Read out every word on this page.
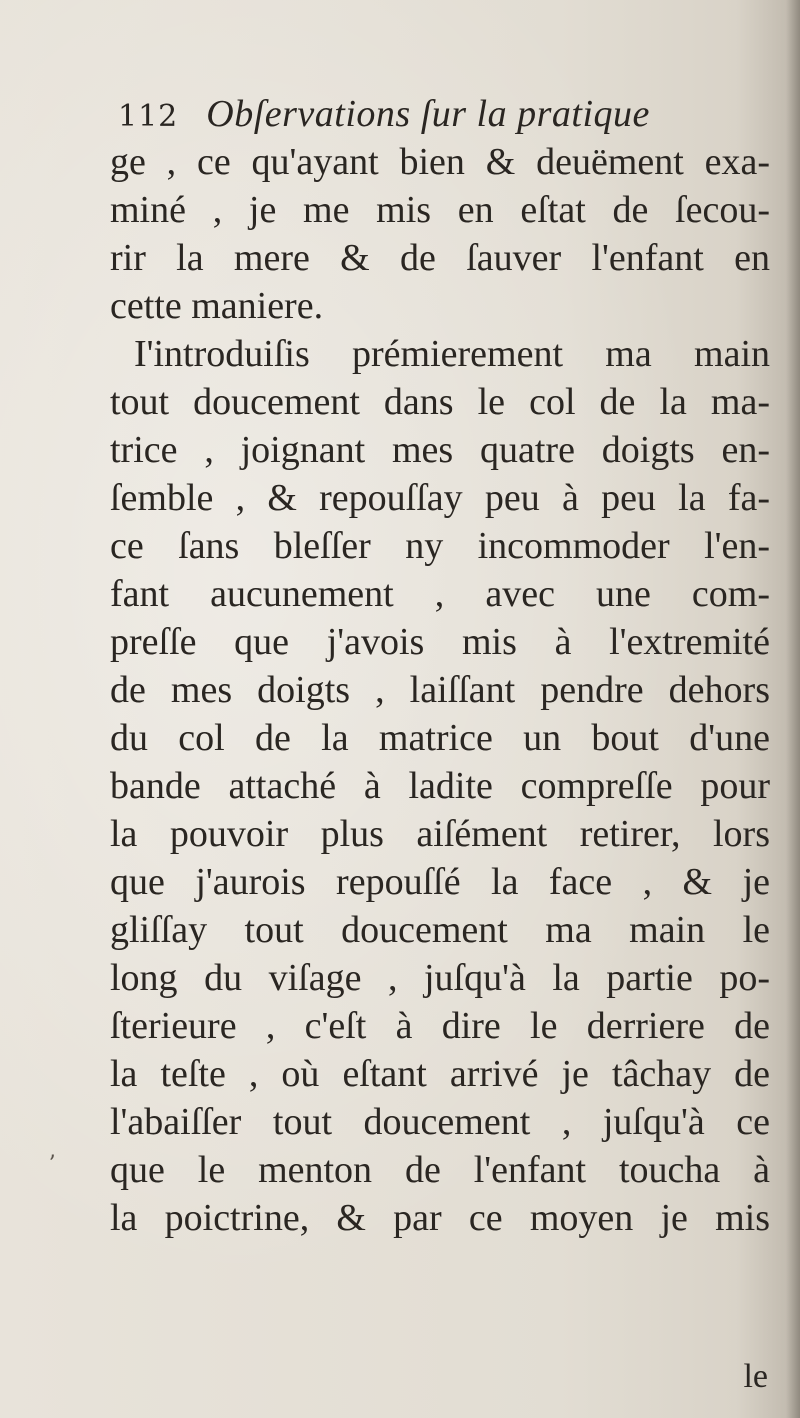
112 Obſervations ſur la pratique
ge , ce qu'ayant bien & deuëment exa-
miné , je me mis en eſtat de ſecou-
rir la mere & de ſauver l'enfant en
cette maniere.
I'introduiſis prémierement ma main
tout doucement dans le col de la ma-
trice , joignant mes quatre doigts en-
ſemble , & repouſſay peu à peu la fa-
ce ſans bleſſer ny incommoder l'en-
fant aucunement , avec une com-
preſſe que j'avois mis à l'extremité
de mes doigts , laiſſant pendre dehors
du col de la matrice un bout d'une
bande attaché à ladite compreſſe pour
la pouvoir plus aiſément retirer, lors
que j'aurois repouſſé la face , & je
gliſſay tout doucement ma main le
long du viſage , juſqu'à la partie po-
ſterieure , c'eſt à dire le derriere de
la teſte , où eſtant arrivé je tâchay de
l'abaiſſer tout doucement , juſqu'à ce
que le menton de l'enfant toucha à
la poictrine, & par ce moyen je mis
ʼ
le
